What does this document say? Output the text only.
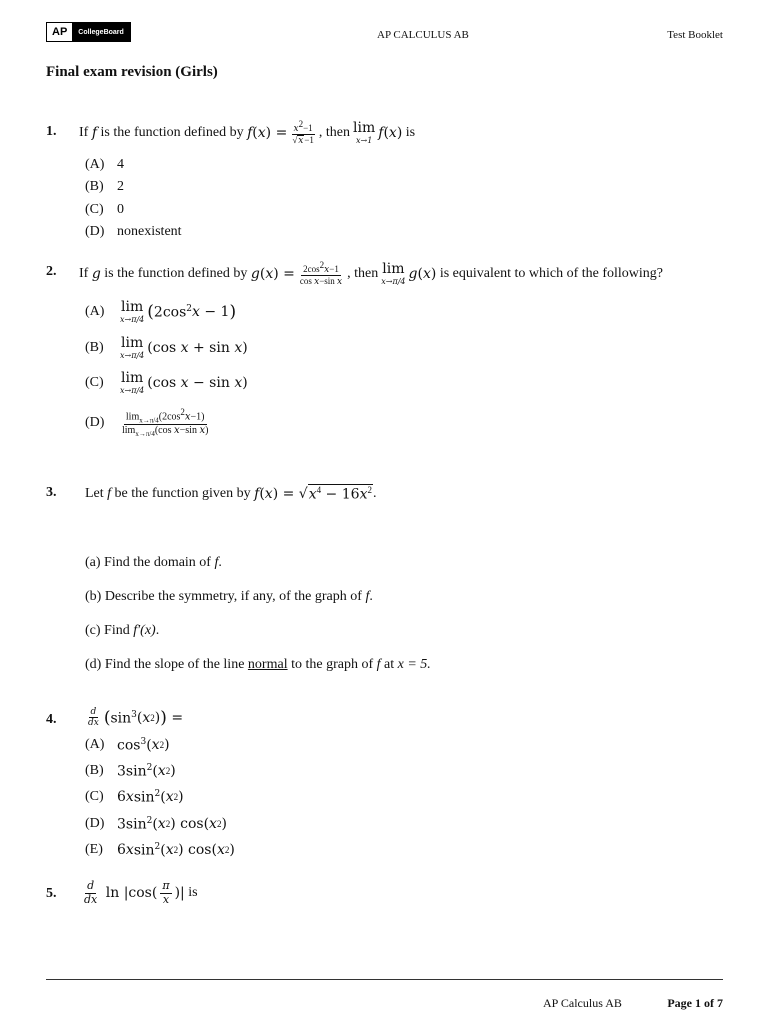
AP	CollegeBoard	AP CALCULUS AB	Test Booklet
Final exam revision (Girls)
1. If
f
is the function defined by
f ( x ) = $\frac{x^2-1}{√x-1}$ , then lim
x→1 f ( x )
is
(A) 4
(B) 2
(C) 0
(D) nonexistent
2. If
g
is the function defined by
g ( x ) = $\frac{2\cos^2x-1}{\text{cos x−sin x}}$ , then lim
x→π/4 g ( x )
is equivalent to which of the following?
(A)	lim
x→π/4 ( $2\cos^2$ x − 1 )
(B)	lim
x→π/4 (cos x + sin x )
(C)	lim
x→π/4 (cos x − sin x )
(D)	$\frac{\lim_{x\to\pi/4}(2\cos^2x-1)}{\lim_{x\to\pi/4}(\cos x-\sin x)}$
3. Let
f
be the function given by
f ( x ) = √ $x^4 - 16x^2$ .
(a) Find the domain of
f .
(b) Describe the symmetry, if any, of the graph of
f .
(c) Find
f′(x) .
(d) Find the slope of the line
normal
to the graph of
f
at
x = 5.
4.	$\frac{d}{dx}$ ( $\sin^3$ ( x 2 ) ) =
(A) $\cos^3$( x 2 )
(B) $3\sin^2$( x 2 )
(C) 6 x $\sin^2$( x 2 )
(D) $3\sin^2$( x 2 ) cos( x 2 )
(E)	6 x $\sin^2$( x 2 ) cos( x 2 )
5. $\frac{d}{dx}$
$\ln |\cos( \frac{\pi}{x}$ )|
is
AP Calculus AB	Page 1 of 7
